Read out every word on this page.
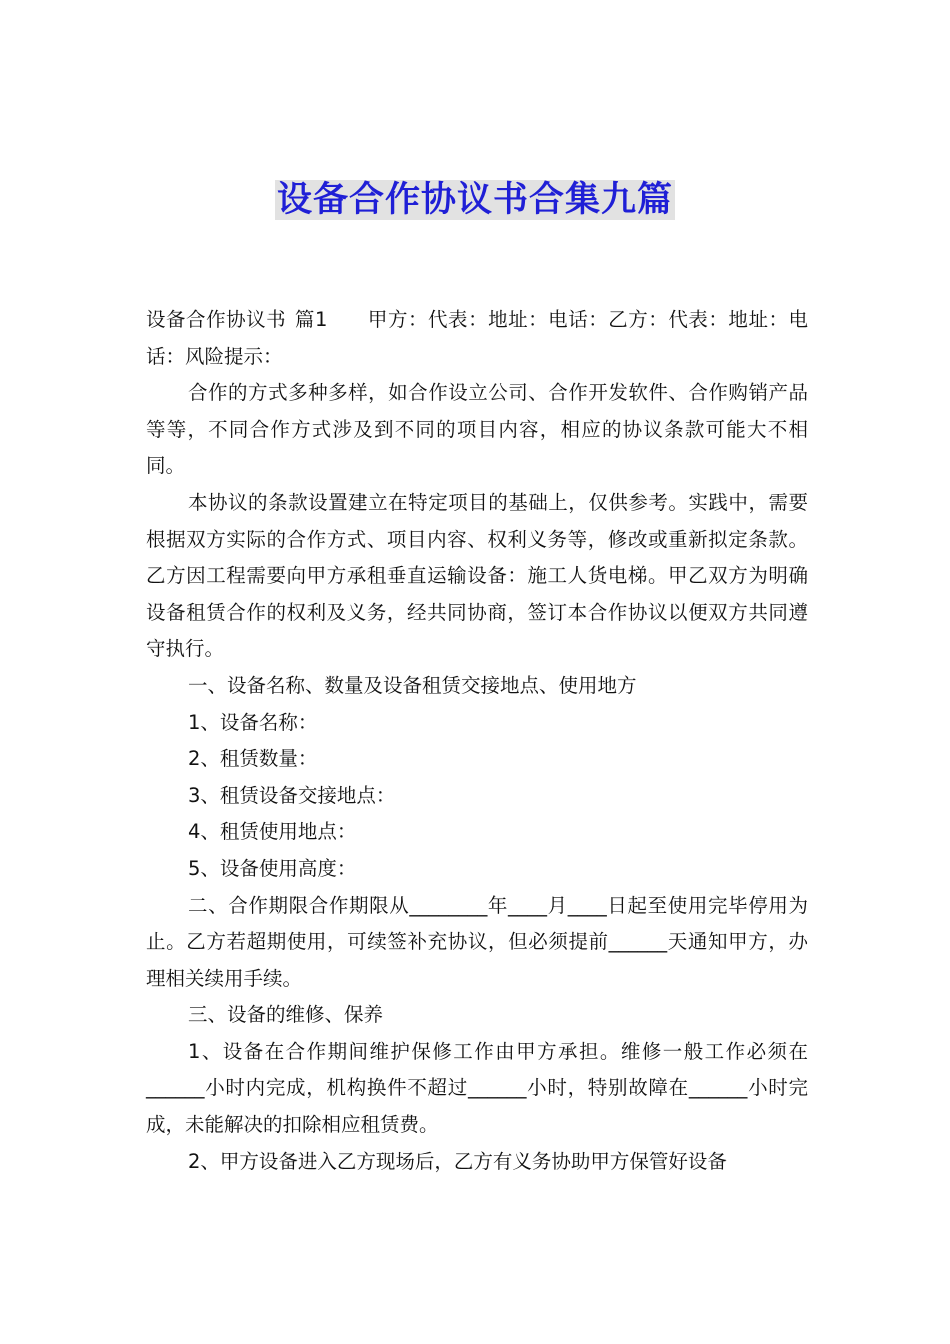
设备合作协议书合集九篇

设备合作协议书 篇1　　甲方：代表：地址：电话：乙方：代表：地址：电话：风险提示：

合作的方式多种多样，如合作设立公司、合作开发软件、合作购销产品等等，不同合作方式涉及到不同的项目内容，相应的协议条款可能大不相同。

本协议的条款设置建立在特定项目的基础上，仅供参考。实践中，需要根据双方实际的合作方式、项目内容、权利义务等，修改或重新拟定条款。 乙方因工程需要向甲方承租垂直运输设备：施工人货电梯。甲乙双方为明确设备租赁合作的权利及义务，经共同协商，签订本合作协议以便双方共同遵守执行。

一、设备名称、数量及设备租赁交接地点、使用地方

1、设备名称：

2、租赁数量：

3、租赁设备交接地点：

4、租赁使用地点：

5、设备使用高度：

二、合作期限合作期限从________年____月____日起至使用完毕停用为止。乙方若超期使用，可续签补充协议，但必须提前______天通知甲方，办理相关续用手续。

三、设备的维修、保养

1、设备在合作期间维护保修工作由甲方承担。维修一般工作必须在______小时内完成，机构换件不超过______小时，特别故障在______小时完成，未能解决的扣除相应租赁费。

2、甲方设备进入乙方现场后，乙方有义务协助甲方保管好设备
